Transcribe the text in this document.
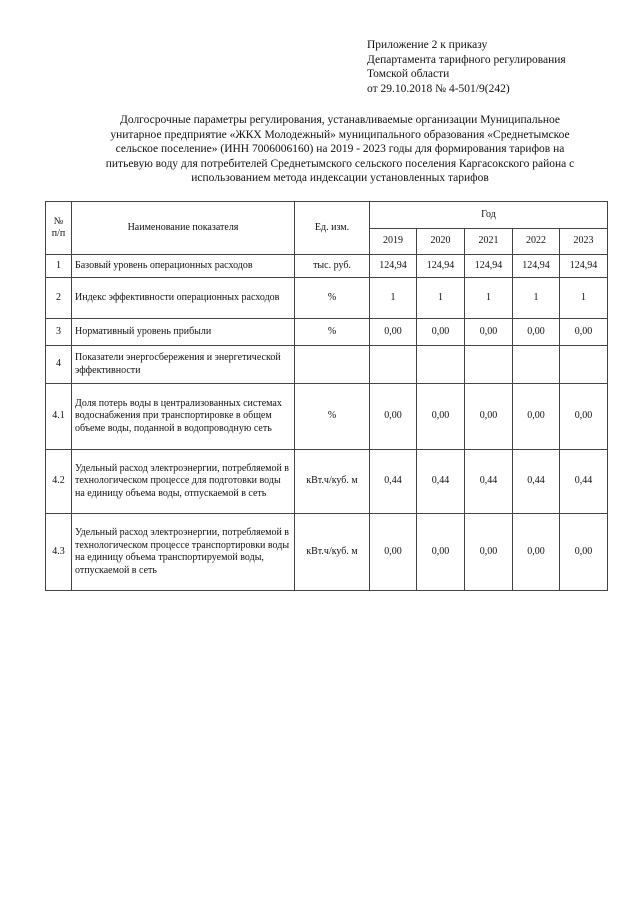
Приложение 2 к приказу
Департамента тарифного регулирования
Томской области
от 29.10.2018 № 4-501/9(242)
Долгосрочные параметры регулирования, устанавливаемые организации Муниципальное
унитарное предприятие «ЖКХ Молодежный» муниципального образования «Среднетымское
сельское поселение» (ИНН 7006006160) на 2019 - 2023 годы для формирования тарифов на
питьевую воду для потребителей Среднетымского сельского поселения Каргасокского района с
использованием метода индексации установленных тарифов
№
п/п	Наименование показателя	Ед. изм.	Год				
			2019	2020	2021	2022	2023
1	Базовый уровень операционных расходов	тыс. руб.	124,94	124,94	124,94	124,94	124,94
2	Индекс эффективности операционных расходов	%	1	1	1	1	1
3	Нормативный уровень прибыли	%	0,00	0,00	0,00	0,00	0,00
4	Показатели энергосбережения и энергетической эффективности						
4.1	Доля потерь воды в централизованных системах водоснабжения при транспортировке в общем объеме воды, поданной в водопроводную сеть	%	0,00	0,00	0,00	0,00	0,00
4.2	Удельный расход электроэнергии, потребляемой в технологическом процессе для подготовки воды на единицу объема воды, отпускаемой в сеть	кВт.ч/куб. м	0,44	0,44	0,44	0,44	0,44
4.3	Удельный расход электроэнергии, потребляемой в технологическом процессе транспортировки воды на единицу объема транспортируемой воды, отпускаемой в сеть	кВт.ч/куб. м	0,00	0,00	0,00	0,00	0,00
